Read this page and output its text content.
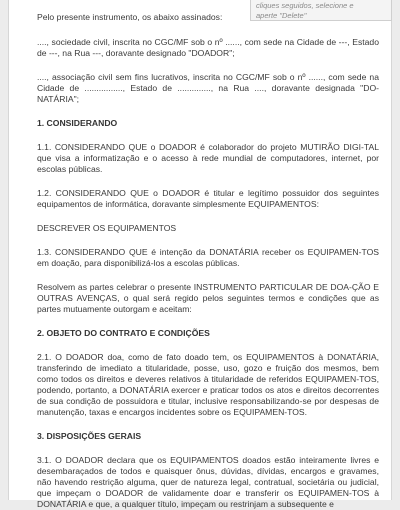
Pelo presente instrumento, os abaixo assinados:

...., sociedade civil, inscrita no CGC/MF sob o nº ......, com sede na Cidade de ---, Estado de ---, na Rua ---, doravante designado "DOADOR";

...., associação civil sem fins lucrativos, inscrita no CGC/MF sob o nº ......, com sede na Cidade de ................, Estado de .............., na Rua ...., doravante designada "DO-NATÁRIA";

1. CONSIDERANDO

1.1. CONSIDERANDO QUE o DOADOR é colaborador do projeto MUTIRÃO DIGI-TAL que visa a informatização e o acesso à rede mundial de computadores, internet, por escolas públicas.

1.2. CONSIDERANDO QUE o DOADOR é titular e legítimo possuidor dos seguintes equipamentos de informática, doravante simplesmente EQUIPAMENTOS:

DESCREVER OS EQUIPAMENTOS

1.3. CONSIDERANDO QUE é intenção da DONATÁRIA receber os EQUIPAMEN-TOS em doação, para disponibilizá-los a escolas públicas.

Resolvem as partes celebrar o presente INSTRUMENTO PARTICULAR DE DOA-ÇÃO E OUTRAS AVENÇAS, o qual será regido pelos seguintes termos e condições que as partes mutuamente outorgam e aceitam:

2. OBJETO DO CONTRATO E CONDIÇÕES

2.1. O DOADOR doa, como de fato doado tem, os EQUIPAMENTOS à DONATÁRIA, transferindo de imediato a titularidade, posse, uso, gozo e fruição dos mesmos, bem como todos os direitos e deveres relativos à titularidade de referidos EQUIPAMEN-TOS, podendo, portanto, a DONATÁRIA exercer e praticar todos os atos e direitos decorrentes de sua condição de possuidora e titular, inclusive responsabilizando-se por despesas de manutenção, taxas e encargos incidentes sobre os EQUIPAMEN-TOS.

3. DISPOSIÇÕES GERAIS

3.1. O DOADOR declara que os EQUIPAMENTOS doados estão inteiramente livres e desembaraçados de todos e quaisquer ônus, dúvidas, dívidas, encargos e gravames, não havendo restrição alguma, quer de natureza legal, contratual, societária ou judicial, que impeçam o DOADOR de validamente doar e transferir os EQUIPAMEN-TOS à DONATÁRIA e que, a qualquer título, impeçam ou restrinjam a subsequente e

cliques seguidos, selecione e
aperte "Delete"
